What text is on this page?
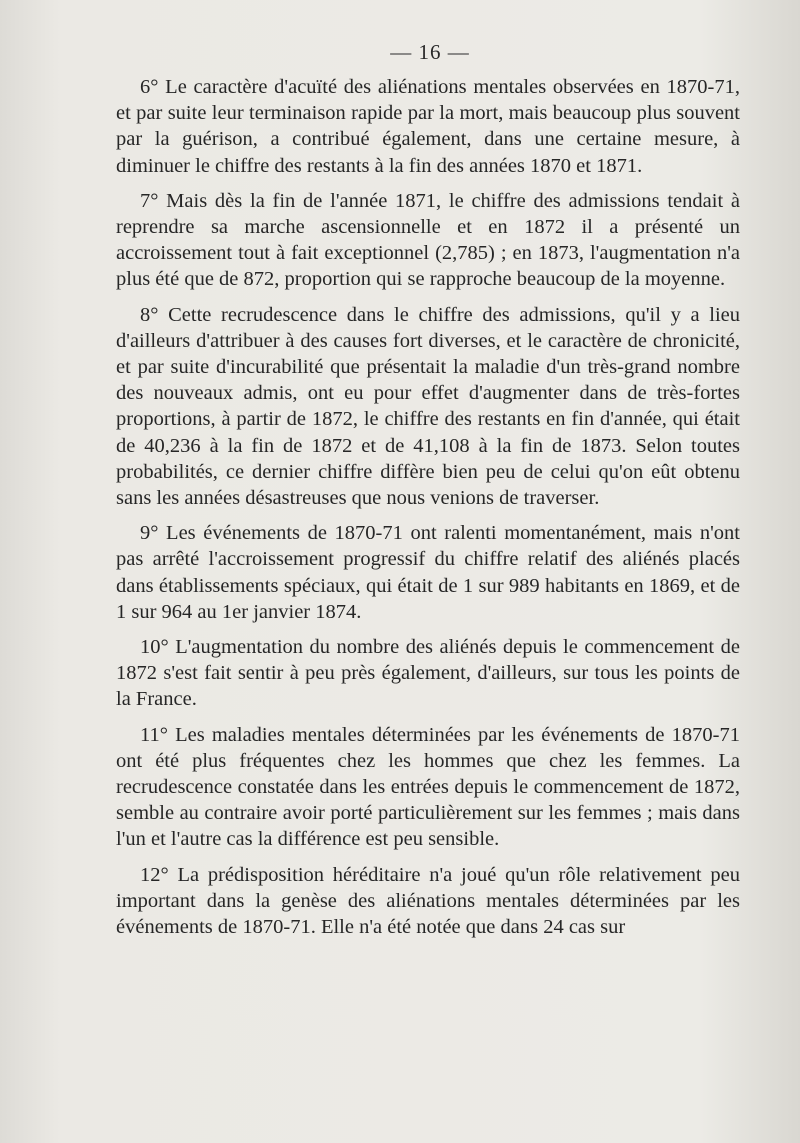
— 16 —

6° Le caractère d'acuïté des aliénations mentales observées en 1870-71, et par suite leur terminaison rapide par la mort, mais beaucoup plus souvent par la guérison, a contribué également, dans une certaine mesure, à diminuer le chiffre des restants à la fin des années 1870 et 1871.

7° Mais dès la fin de l'année 1871, le chiffre des admissions tendait à reprendre sa marche ascensionnelle et en 1872 il a présenté un accroissement tout à fait exceptionnel (2,785) ; en 1873, l'augmentation n'a plus été que de 872, proportion qui se rapproche beaucoup de la moyenne.

8° Cette recrudescence dans le chiffre des admissions, qu'il y a lieu d'ailleurs d'attribuer à des causes fort diverses, et le caractère de chronicité, et par suite d'incurabilité que présentait la maladie d'un très-grand nombre des nouveaux admis, ont eu pour effet d'augmenter dans de très-fortes proportions, à partir de 1872, le chiffre des restants en fin d'année, qui était de 40,236 à la fin de 1872 et de 41,108 à la fin de 1873. Selon toutes probabilités, ce dernier chiffre diffère bien peu de celui qu'on eût obtenu sans les années désastreuses que nous venions de traverser.

9° Les événements de 1870-71 ont ralenti momentanément, mais n'ont pas arrêté l'accroissement progressif du chiffre relatif des aliénés placés dans établissements spéciaux, qui était de 1 sur 989 habitants en 1869, et de 1 sur 964 au 1er janvier 1874.

10° L'augmentation du nombre des aliénés depuis le commencement de 1872 s'est fait sentir à peu près également, d'ailleurs, sur tous les points de la France.

11° Les maladies mentales déterminées par les événements de 1870-71 ont été plus fréquentes chez les hommes que chez les femmes. La recrudescence constatée dans les entrées depuis le commencement de 1872, semble au contraire avoir porté particulièrement sur les femmes ; mais dans l'un et l'autre cas la différence est peu sensible.

12° La prédisposition héréditaire n'a joué qu'un rôle relativement peu important dans la genèse des aliénations mentales déterminées par les événements de 1870-71. Elle n'a été notée que dans 24 cas sur
